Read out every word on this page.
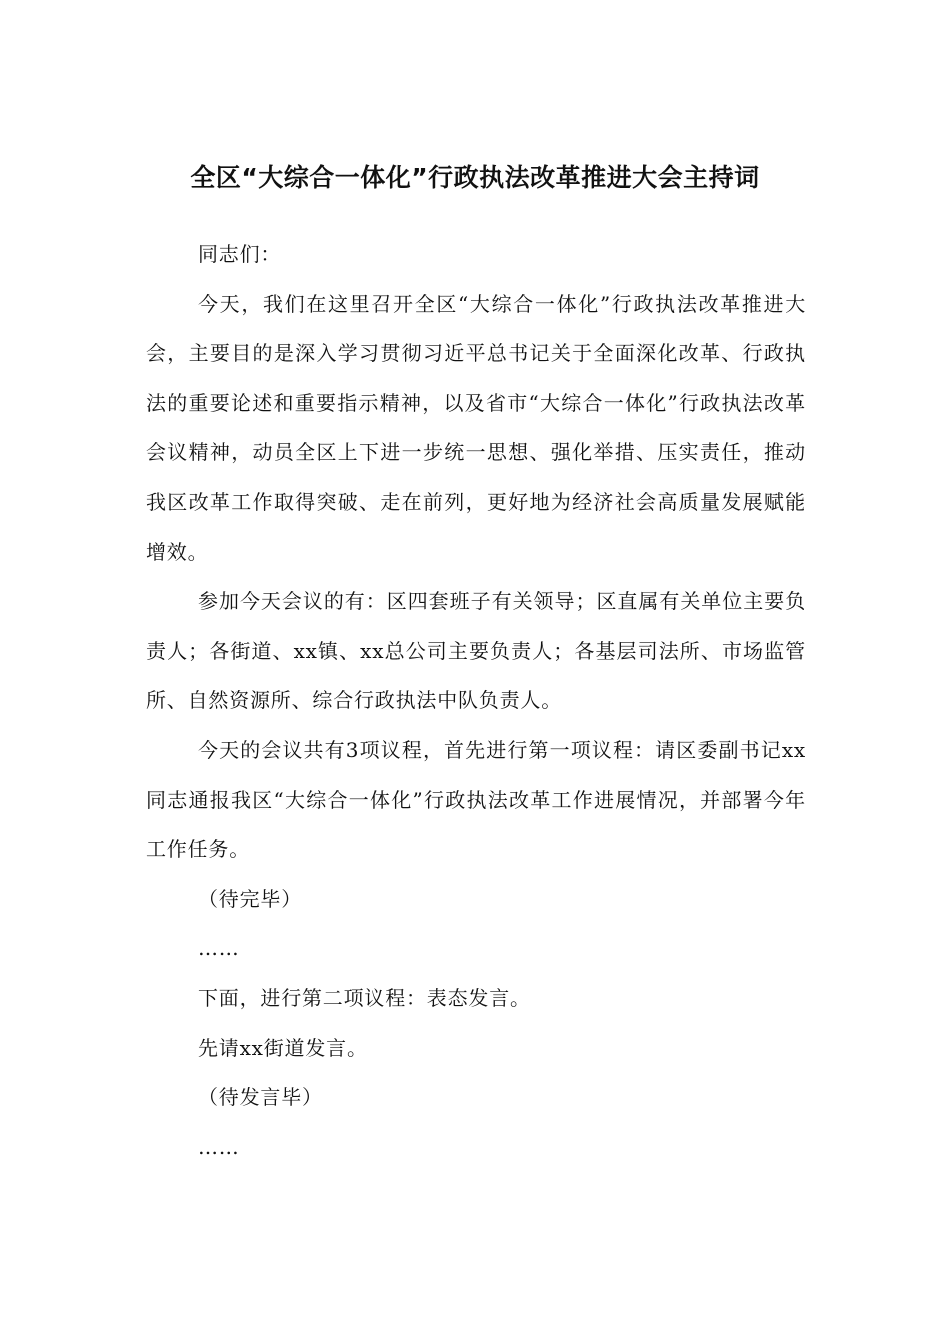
全区“大综合一体化”行政执法改革推进大会主持词

同志们：

今天，我们在这里召开全区“大综合一体化”行政执法改革推进大会，主要目的是深入学习贯彻习近平总书记关于全面深化改革、行政执法的重要论述和重要指示精神，以及省市“大综合一体化”行政执法改革会议精神，动员全区上下进一步统一思想、强化举措、压实责任，推动我区改革工作取得突破、走在前列，更好地为经济社会高质量发展赋能增效。

参加今天会议的有：区四套班子有关领导；区直属有关单位主要负责人；各街道、xx镇、xx总公司主要负责人；各基层司法所、市场监管所、自然资源所、综合行政执法中队负责人。

今天的会议共有3项议程，首先进行第一项议程：请区委副书记xx同志通报我区“大综合一体化”行政执法改革工作进展情况，并部署今年工作任务。

（待完毕）

……

下面，进行第二项议程：表态发言。

先请xx街道发言。

（待发言毕）

……
